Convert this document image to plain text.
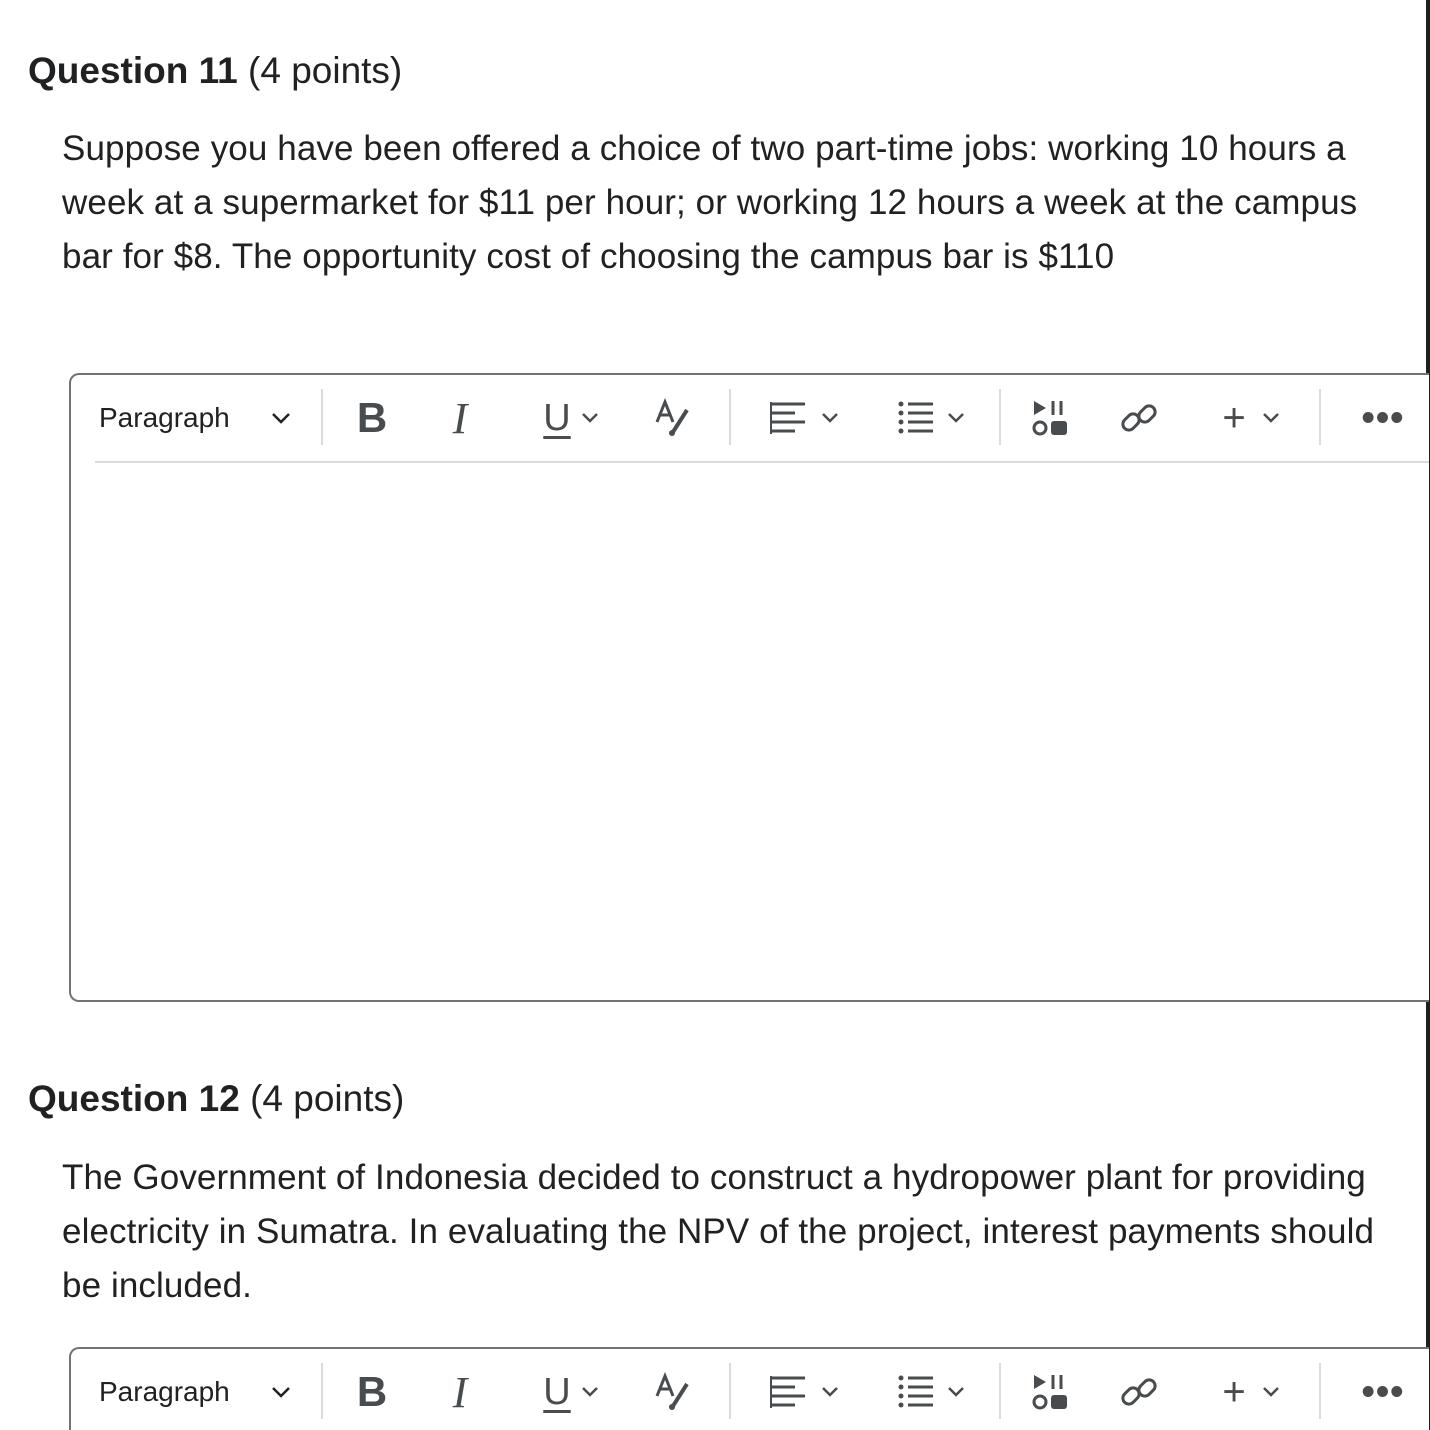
Question 11 (4 points)
Suppose you have been offered a choice of two part-time jobs: working 10 hours a week at a supermarket for $11 per hour; or working 12 hours a week at the campus bar for $8. The opportunity cost of choosing the campus bar is $110
Paragraph	B I U	+	•••
Question 12 (4 points)
The Government of Indonesia decided to construct a hydropower plant for providing electricity in Sumatra. In evaluating the NPV of the project, interest payments should be included.
Paragraph	B I U	+	•••
